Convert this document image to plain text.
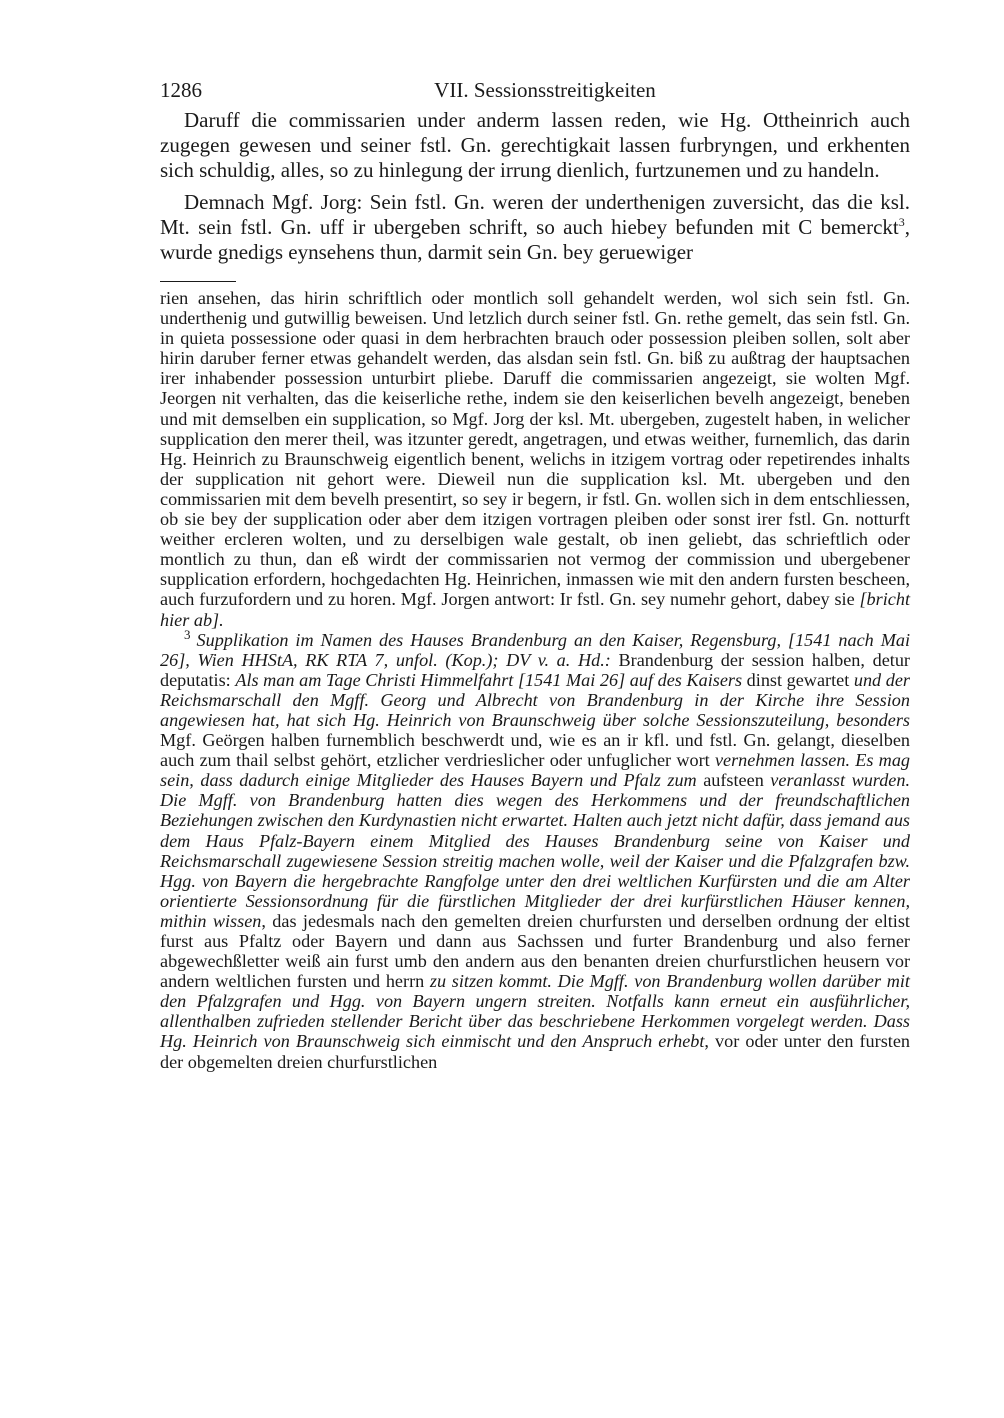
1286	VII. Sessionsstreitigkeiten

Daruff die commissarien under anderm lassen reden, wie Hg. Ottheinrich auch zugegen gewesen und seiner fstl. Gn. gerechtigkait lassen furbryngen, und erkhenten sich schuldig, alles, so zu hinlegung der irrung dienlich, furtzunemen und zu handeln.

Demnach Mgf. Jorg: Sein fstl. Gn. weren der underthenigen zuversicht, das die ksl. Mt. sein fstl. Gn. uff ir ubergeben schrift, so auch hiebey befunden mit C bemerckt$^3$, wurde gnedigs eynsehens thun, darmit sein Gn. bey geruewiger

rien ansehen, das hirin schriftlich oder montlich soll gehandelt werden, wol sich sein fstl. Gn. underthenig und gutwillig beweisen. Und letzlich durch seiner fstl. Gn. rethe gemelt, das sein fstl. Gn. in quieta possessione oder quasi in dem herbrachten brauch oder possession pleiben sollen, solt aber hirin daruber ferner etwas gehandelt werden, das alsdan sein fstl. Gn. biß zu außtrag der hauptsachen irer inhabender possession unturbirt pliebe. Daruff die commissarien angezeigt, sie wolten Mgf. Jeorgen nit verhalten, das die keiserliche rethe, indem sie den keiserlichen bevelh angezeigt, beneben und mit demselben ein supplication, so Mgf. Jorg der ksl. Mt. ubergeben, zugestelt haben, in welicher supplication den merer theil, was itzunter geredt, angetragen, und etwas weither, furnemlich, das darin Hg. Heinrich zu Braunschweig eigentlich benent, welichs in itzigem vortrag oder repetirendes inhalts der supplication nit gehort were. Dieweil nun die supplication ksl. Mt. ubergeben und den commissarien mit dem bevelh presentirt, so sey ir begern, ir fstl. Gn. wollen sich in dem entschliessen, ob sie bey der supplication oder aber dem itzigen vortragen pleiben oder sonst irer fstl. Gn. notturft weither ercleren wolten, und zu derselbigen wale gestalt, ob inen geliebt, das schrieftlich oder montlich zu thun, dan eß wirdt der commissarien not vermog der commission und ubergebener supplication erfordern, hochgedachten Hg. Heinrichen, inmassen wie mit den andern fursten bescheen, auch furzufordern und zu horen. Mgf. Jorgen antwort: Ir fstl. Gn. sey numehr gehort, dabey sie [bricht hier ab].

$^3$ Supplikation im Namen des Hauses Brandenburg an den Kaiser, Regensburg, [1541 nach Mai 26], Wien HHStA, RK RTA 7, unfol. (Kop.); DV v. a. Hd.: Brandenburg der session halben, detur deputatis: Als man am Tage Christi Himmelfahrt [1541 Mai 26] auf des Kaisers dinst gewartet und der Reichsmarschall den Mgff. Georg und Albrecht von Brandenburg in der Kirche ihre Session angewiesen hat, hat sich Hg. Heinrich von Braunschweig über solche Sessionszuteilung, besonders Mgf. Geörgen halben furnemblich beschwerdt und, wie es an ir kfl. und fstl. Gn. gelangt, dieselben auch zum thail selbst gehört, etzlicher verdrieslicher oder unfuglicher wort vernehmen lassen. Es mag sein, dass dadurch einige Mitglieder des Hauses Bayern und Pfalz zum aufsteen veranlasst wurden. Die Mgff. von Brandenburg hatten dies wegen des Herkommens und der freundschaftlichen Beziehungen zwischen den Kurdynastien nicht erwartet. Halten auch jetzt nicht dafür, dass jemand aus dem Haus Pfalz-Bayern einem Mitglied des Hauses Brandenburg seine von Kaiser und Reichsmarschall zugewiesene Session streitig machen wolle, weil der Kaiser und die Pfalzgrafen bzw. Hgg. von Bayern die hergebrachte Rangfolge unter den drei weltlichen Kurfürsten und die am Alter orientierte Sessionsordnung für die fürstlichen Mitglieder der drei kurfürstlichen Häuser kennen, mithin wissen, das jedesmals nach den gemelten dreien churfursten und derselben ordnung der eltist furst aus Pfaltz oder Bayern und dann aus Sachssen und furter Brandenburg und also ferner abgewechßletter weiß ain furst umb den andern aus den benanten dreien churfurstlichen heusern vor andern weltlichen fursten und herrn zu sitzen kommt. Die Mgff. von Brandenburg wollen darüber mit den Pfalzgrafen und Hgg. von Bayern ungern streiten. Notfalls kann erneut ein ausführlicher, allenthalben zufrieden stellender Bericht über das beschriebene Herkommen vorgelegt werden. Dass Hg. Heinrich von Braunschweig sich einmischt und den Anspruch erhebt, vor oder unter den fursten der obgemelten dreien churfurstlichen
